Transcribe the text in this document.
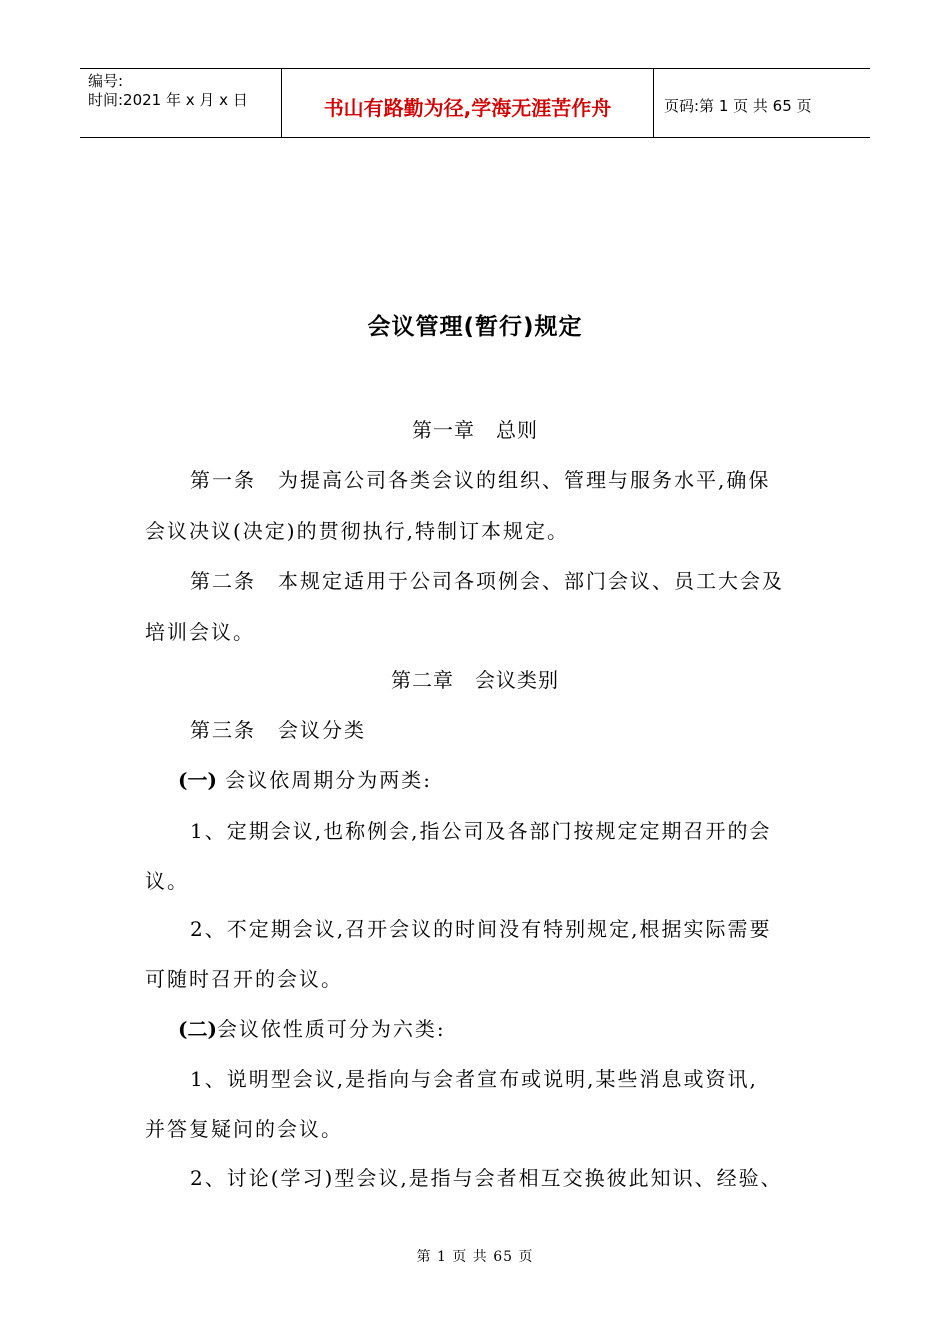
编号:
时间:2021 年 x 月 x 日	书山有路勤为径,学海无涯苦作舟	页码:第 1 页 共 65 页
会议管理(暂行)规定
第一章　总则
第一条　为提高公司各类会议的组织、管理与服务水平,确保
会议决议(决定)的贯彻执行,特制订本规定。
第二条　本规定适用于公司各项例会、部门会议、员工大会及
培训会议。
第二章　会议类别
第三条　会议分类
(一) 会议依周期分为两类:
1、定期会议,也称例会,指公司及各部门按规定定期召开的会
议。
2、不定期会议,召开会议的时间没有特别规定,根据实际需要
可随时召开的会议。
(二)会议依性质可分为六类:
1、说明型会议,是指向与会者宣布或说明,某些消息或资讯,
并答复疑问的会议。
2、讨论(学习)型会议,是指与会者相互交换彼此知识、经验、
第 1 页 共 65 页
